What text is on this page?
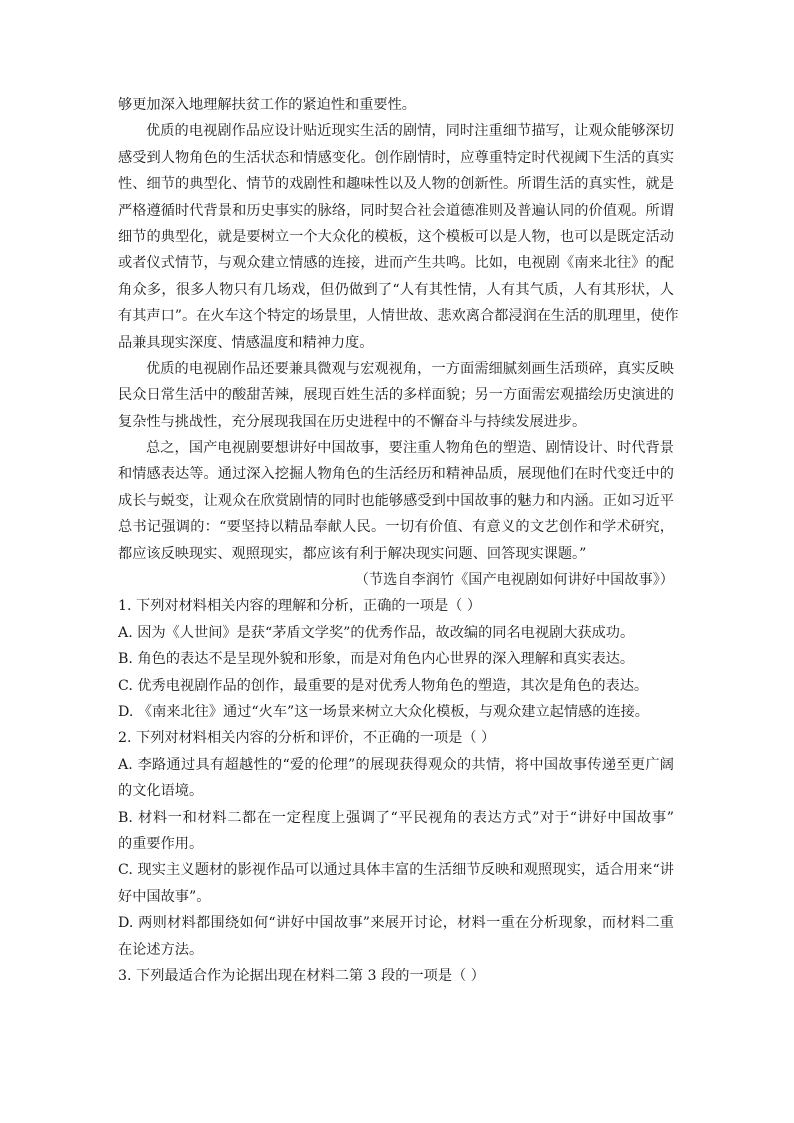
够更加深入地理解扶贫工作的紧迫性和重要性。
优质的电视剧作品应设计贴近现实生活的剧情，同时注重细节描写，让观众能够深切
感受到人物角色的生活状态和情感变化。创作剧情时，应尊重特定时代视阈下生活的真实
性、细节的典型化、情节的戏剧性和趣味性以及人物的创新性。所谓生活的真实性，就是
严格遵循时代背景和历史事实的脉络，同时契合社会道德准则及普遍认同的价值观。所谓
细节的典型化，就是要树立一个大众化的模板，这个模板可以是人物，也可以是既定活动
或者仪式情节，与观众建立情感的连接，进而产生共鸣。比如，电视剧《南来北往》的配
角众多，很多人物只有几场戏，但仍做到了“人有其性情，人有其气质，人有其形状，人
有其声口”。在火车这个特定的场景里，人情世故、悲欢离合都浸润在生活的肌理里，使作
品兼具现实深度、情感温度和精神力度。
优质的电视剧作品还要兼具微观与宏观视角，一方面需细腻刻画生活琐碎，真实反映
民众日常生活中的酸甜苦辣，展现百姓生活的多样面貌；另一方面需宏观描绘历史演进的
复杂性与挑战性，充分展现我国在历史进程中的不懈奋斗与持续发展进步。
总之，国产电视剧要想讲好中国故事，要注重人物角色的塑造、剧情设计、时代背景
和情感表达等。通过深入挖掘人物角色的生活经历和精神品质，展现他们在时代变迁中的
成长与蜕变，让观众在欣赏剧情的同时也能够感受到中国故事的魅力和内涵。正如习近平
总书记强调的：“要坚持以精品奉献人民。一切有价值、有意义的文艺创作和学术研究，
都应该反映现实、观照现实，都应该有利于解决现实问题、回答现实课题。”
（节选自李润竹《国产电视剧如何讲好中国故事》）
1. 下列对材料相关内容的理解和分析，正确的一项是（ ）
A. 因为《人世间》是获“茅盾文学奖”的优秀作品，故改编的同名电视剧大获成功。
B. 角色的表达不是呈现外貌和形象，而是对角色内心世界的深入理解和真实表达。
C. 优秀电视剧作品的创作，最重要的是对优秀人物角色的塑造，其次是角色的表达。
D. 《南来北往》通过“火车”这一场景来树立大众化模板，与观众建立起情感的连接。
2. 下列对材料相关内容的分析和评价，不正确的一项是（ ）
A. 李路通过具有超越性的“爱的伦理”的展现获得观众的共情，将中国故事传递至更广阔
的文化语境。
B. 材料一和材料二都在一定程度上强调了“平民视角的表达方式”对于“讲好中国故事”
的重要作用。
C. 现实主义题材的影视作品可以通过具体丰富的生活细节反映和观照现实，适合用来“讲
好中国故事”。
D. 两则材料都围绕如何“讲好中国故事”来展开讨论，材料一重在分析现象，而材料二重
在论述方法。
3. 下列最适合作为论据出现在材料二第 3 段的一项是（ ）
